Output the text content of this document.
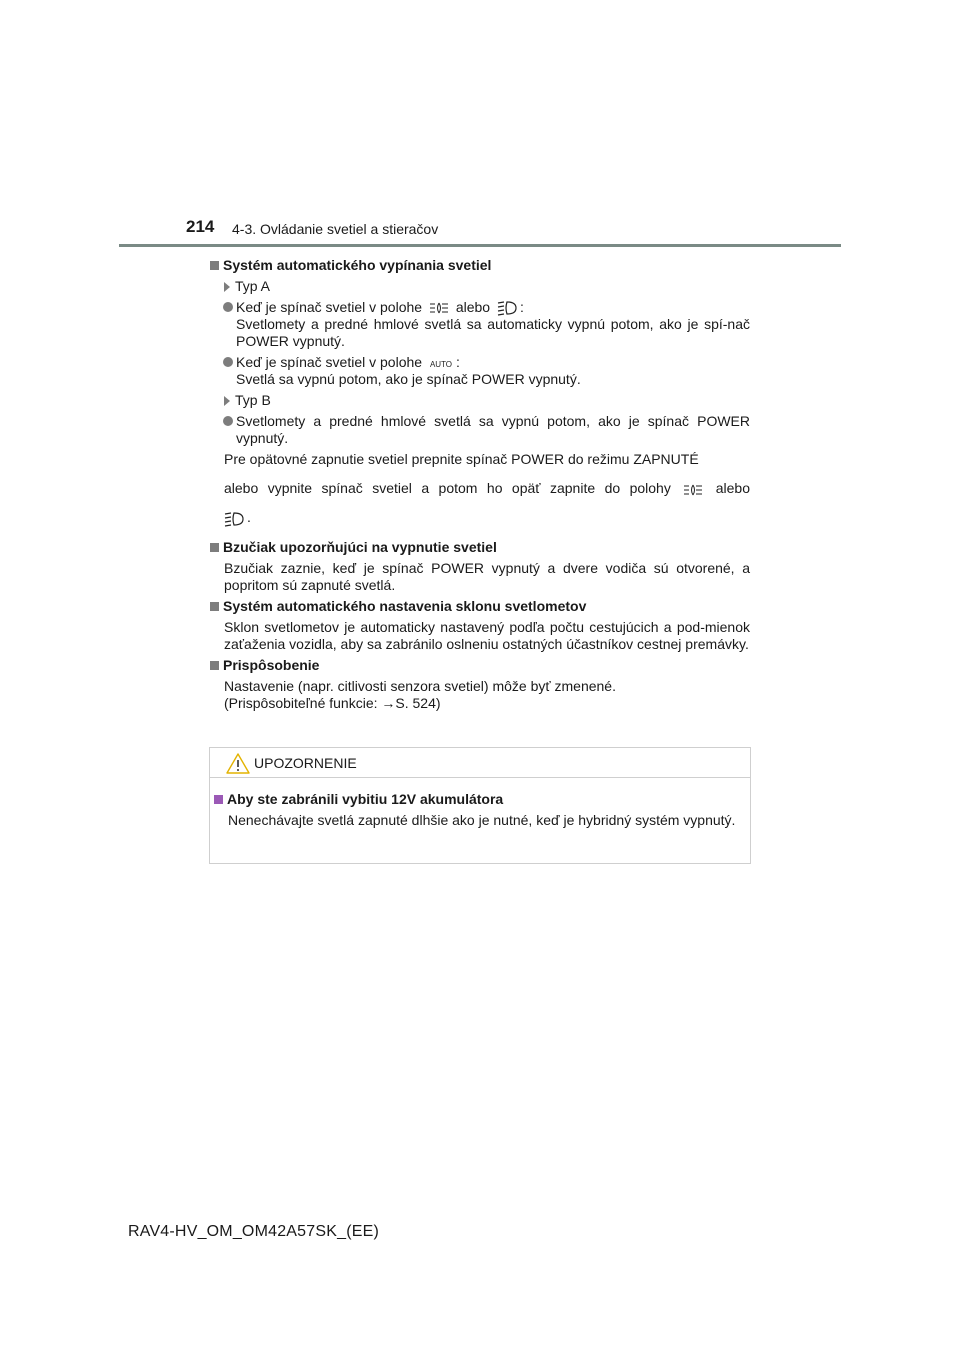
214 4-3. Ovládanie svetiel a stieračov
Systém automatického vypínania svetiel
Typ A
Keď je spínač svetiel v polohe alebo :
Svetlomety a predné hmlové svetlá sa automaticky vypnú potom, ako je spí-nač POWER vypnutý.
Keď je spínač svetiel v polohe AUTO :
Svetlá sa vypnú potom, ako je spínač POWER vypnutý.
Typ B
Svetlomety a predné hmlové svetlá sa vypnú potom, ako je spínač POWER vypnutý.
Pre opätovné zapnutie svetiel prepnite spínač POWER do režimu ZAPNUTÉ
alebo vypnite spínač svetiel a potom ho opäť zapnite do polohy	alebo
.
Bzučiak upozorňujúci na vypnutie svetiel
Bzučiak zaznie, keď je spínač POWER vypnutý a dvere vodiča sú otvorené, a popritom sú zapnuté svetlá.
Systém automatického nastavenia sklonu svetlometov
Sklon svetlometov je automaticky nastavený podľa počtu cestujúcich a pod-mienok zaťaženia vozidla, aby sa zabránilo oslneniu ostatných účastníkov cestnej premávky.
Prispôsobenie
Nastavenie (napr. citlivosti senzora svetiel) môže byť zmenené.
(Prispôsobiteľné funkcie: →S. 524)
UPOZORNENIE
Aby ste zabránili vybitiu 12V akumulátora
Nenechávajte svetlá zapnuté dlhšie ako je nutné, keď je hybridný systém vypnutý.
RAV4-HV_OM_OM42A57SK_(EE)
